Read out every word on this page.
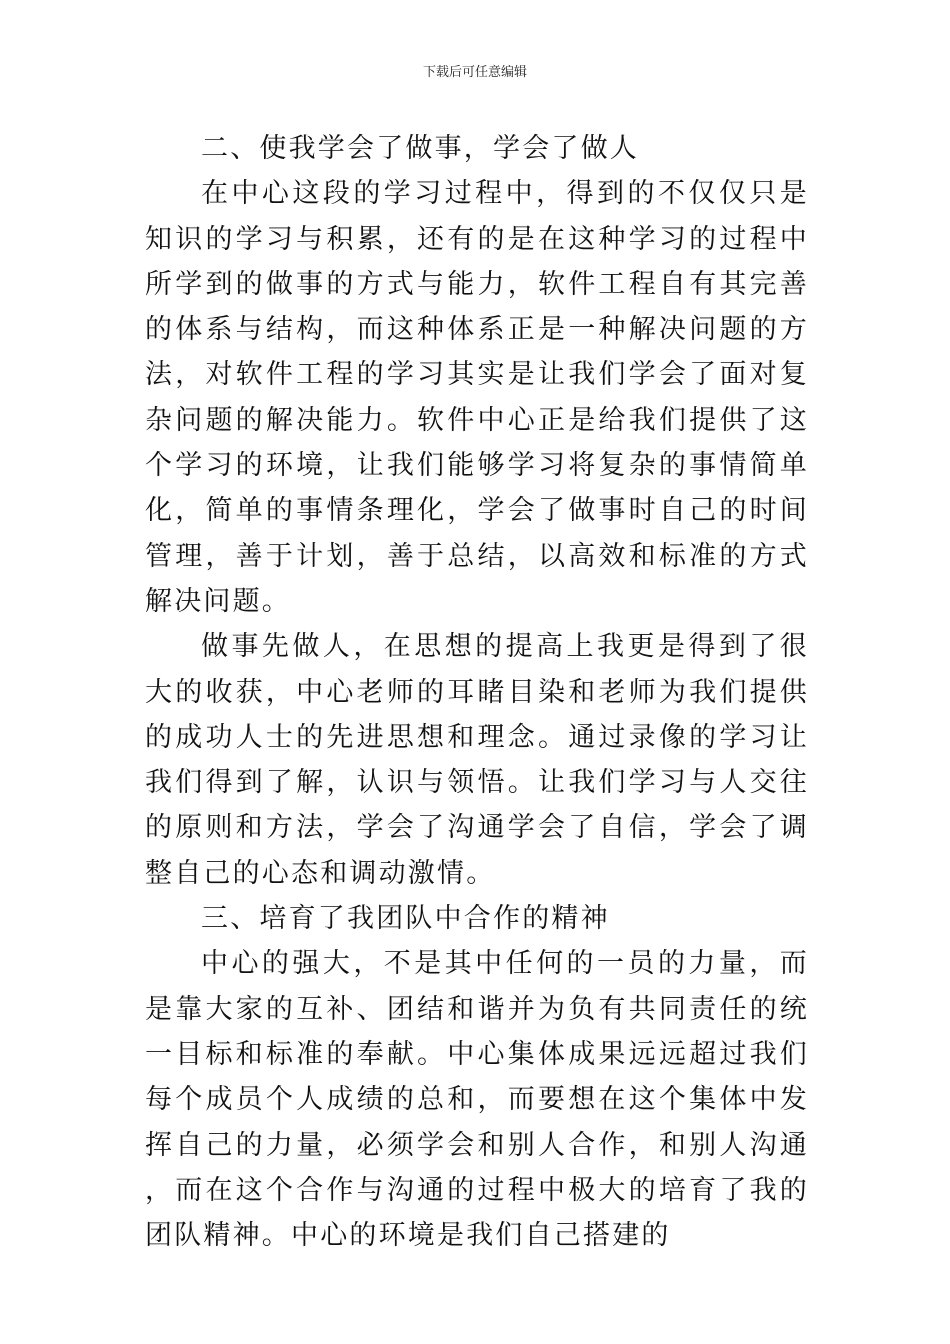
下载后可任意编辑

二、使我学会了做事，学会了做人

在中心这段的学习过程中，得到的不仅仅只是知识的学习与积累，还有的是在这种学习的过程中所学到的做事的方式与能力，软件工程自有其完善的体系与结构，而这种体系正是一种解决问题的方法，对软件工程的学习其实是让我们学会了面对复杂问题的解决能力。软件中心正是给我们提供了这个学习的环境，让我们能够学习将复杂的事情简单化，简单的事情条理化，学会了做事时自己的时间管理，善于计划，善于总结，以高效和标准的方式解决问题。

做事先做人，在思想的提高上我更是得到了很大的收获，中心老师的耳睹目染和老师为我们提供的成功人士的先进思想和理念。通过录像的学习让我们得到了解，认识与领悟。让我们学习与人交往的原则和方法，学会了沟通学会了自信，学会了调整自己的心态和调动激情。

三、培育了我团队中合作的精神

中心的强大，不是其中任何的一员的力量，而是靠大家的互补、团结和谐并为负有共同责任的统一目标和标准的奉献。中心集体成果远远超过我们每个成员个人成绩的总和，而要想在这个集体中发挥自己的力量，必须学会和别人合作，和别人沟通，而在这个合作与沟通的过程中极大的培育了我的团队精神。中心的环境是我们自己搭建的
